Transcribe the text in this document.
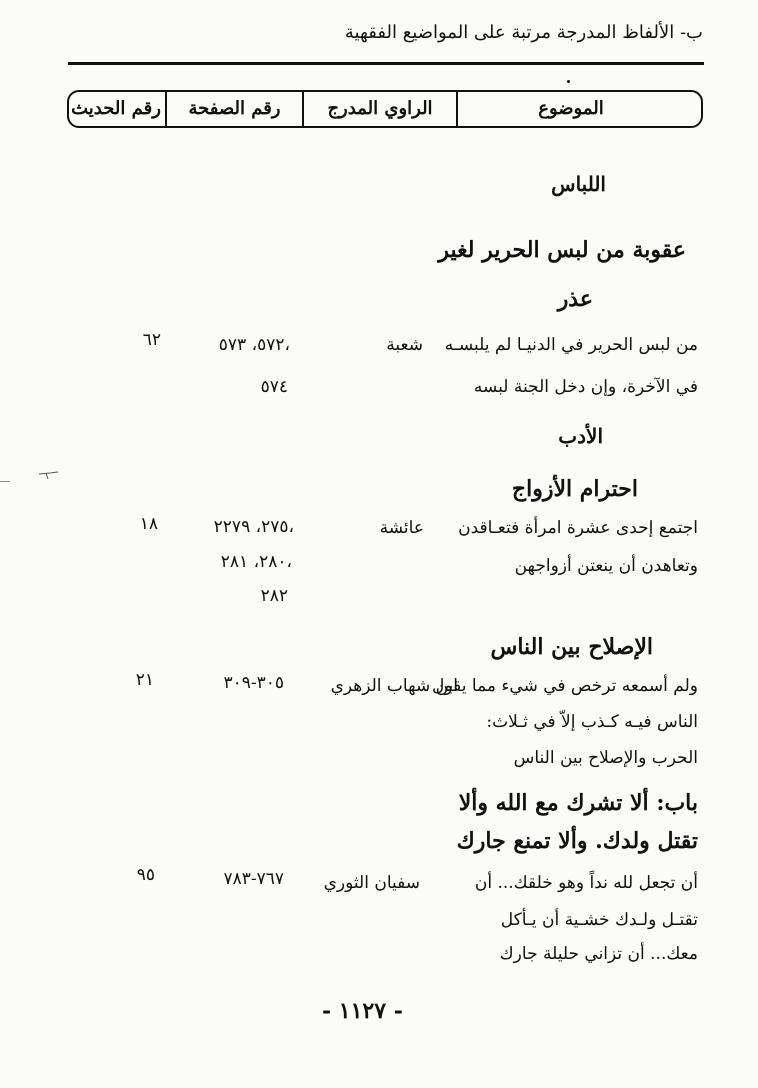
ب- الألفاظ المدرجة مرتبة على المواضيع الفقهية
الموضوع
الراوي المدرج
رقم الصفحة
رقم الحديث
اللباس
عقوبة من لبس الحرير لغير
عذر
من لبس الحرير في الدنيـا لم يلبسـه
شعبة
٥٧٢، ٥٧٣،
٦٢
في الآخرة، وإن دخل الجنة لبسه
٥٧٤
الأدب
احترام الأزواج
اجتمع إحدى عشرة امرأة فتعـاقدن
عائشة
٢٧٥، ٢٢٧٩،
١٨
وتعاهدن أن ينعتن أزواجهن
٢٨٠، ٢٨١،
٢٨٢
الإصلاح بين الناس
ولم أسمعه ترخص في شيء مما يقول
ابن شهاب الزهري
٣٠٥-٣٠٩
٢١
الناس فيـه كـذب إلاّ في ثـلاث:
الحرب والإصلاح بين الناس
باب: ألا تشرك مع الله وألا
تقتل ولدك. وألا تمنع جارك
أن تجعل لله نداً وهو خلقك... أن
سفيان الثوري
٧٦٧-٧٨٣
٩٥
تقتـل ولـدك خشـية أن يـأكل
معك... أن تزاني حليلة جارك
- ١١٢٧ -
